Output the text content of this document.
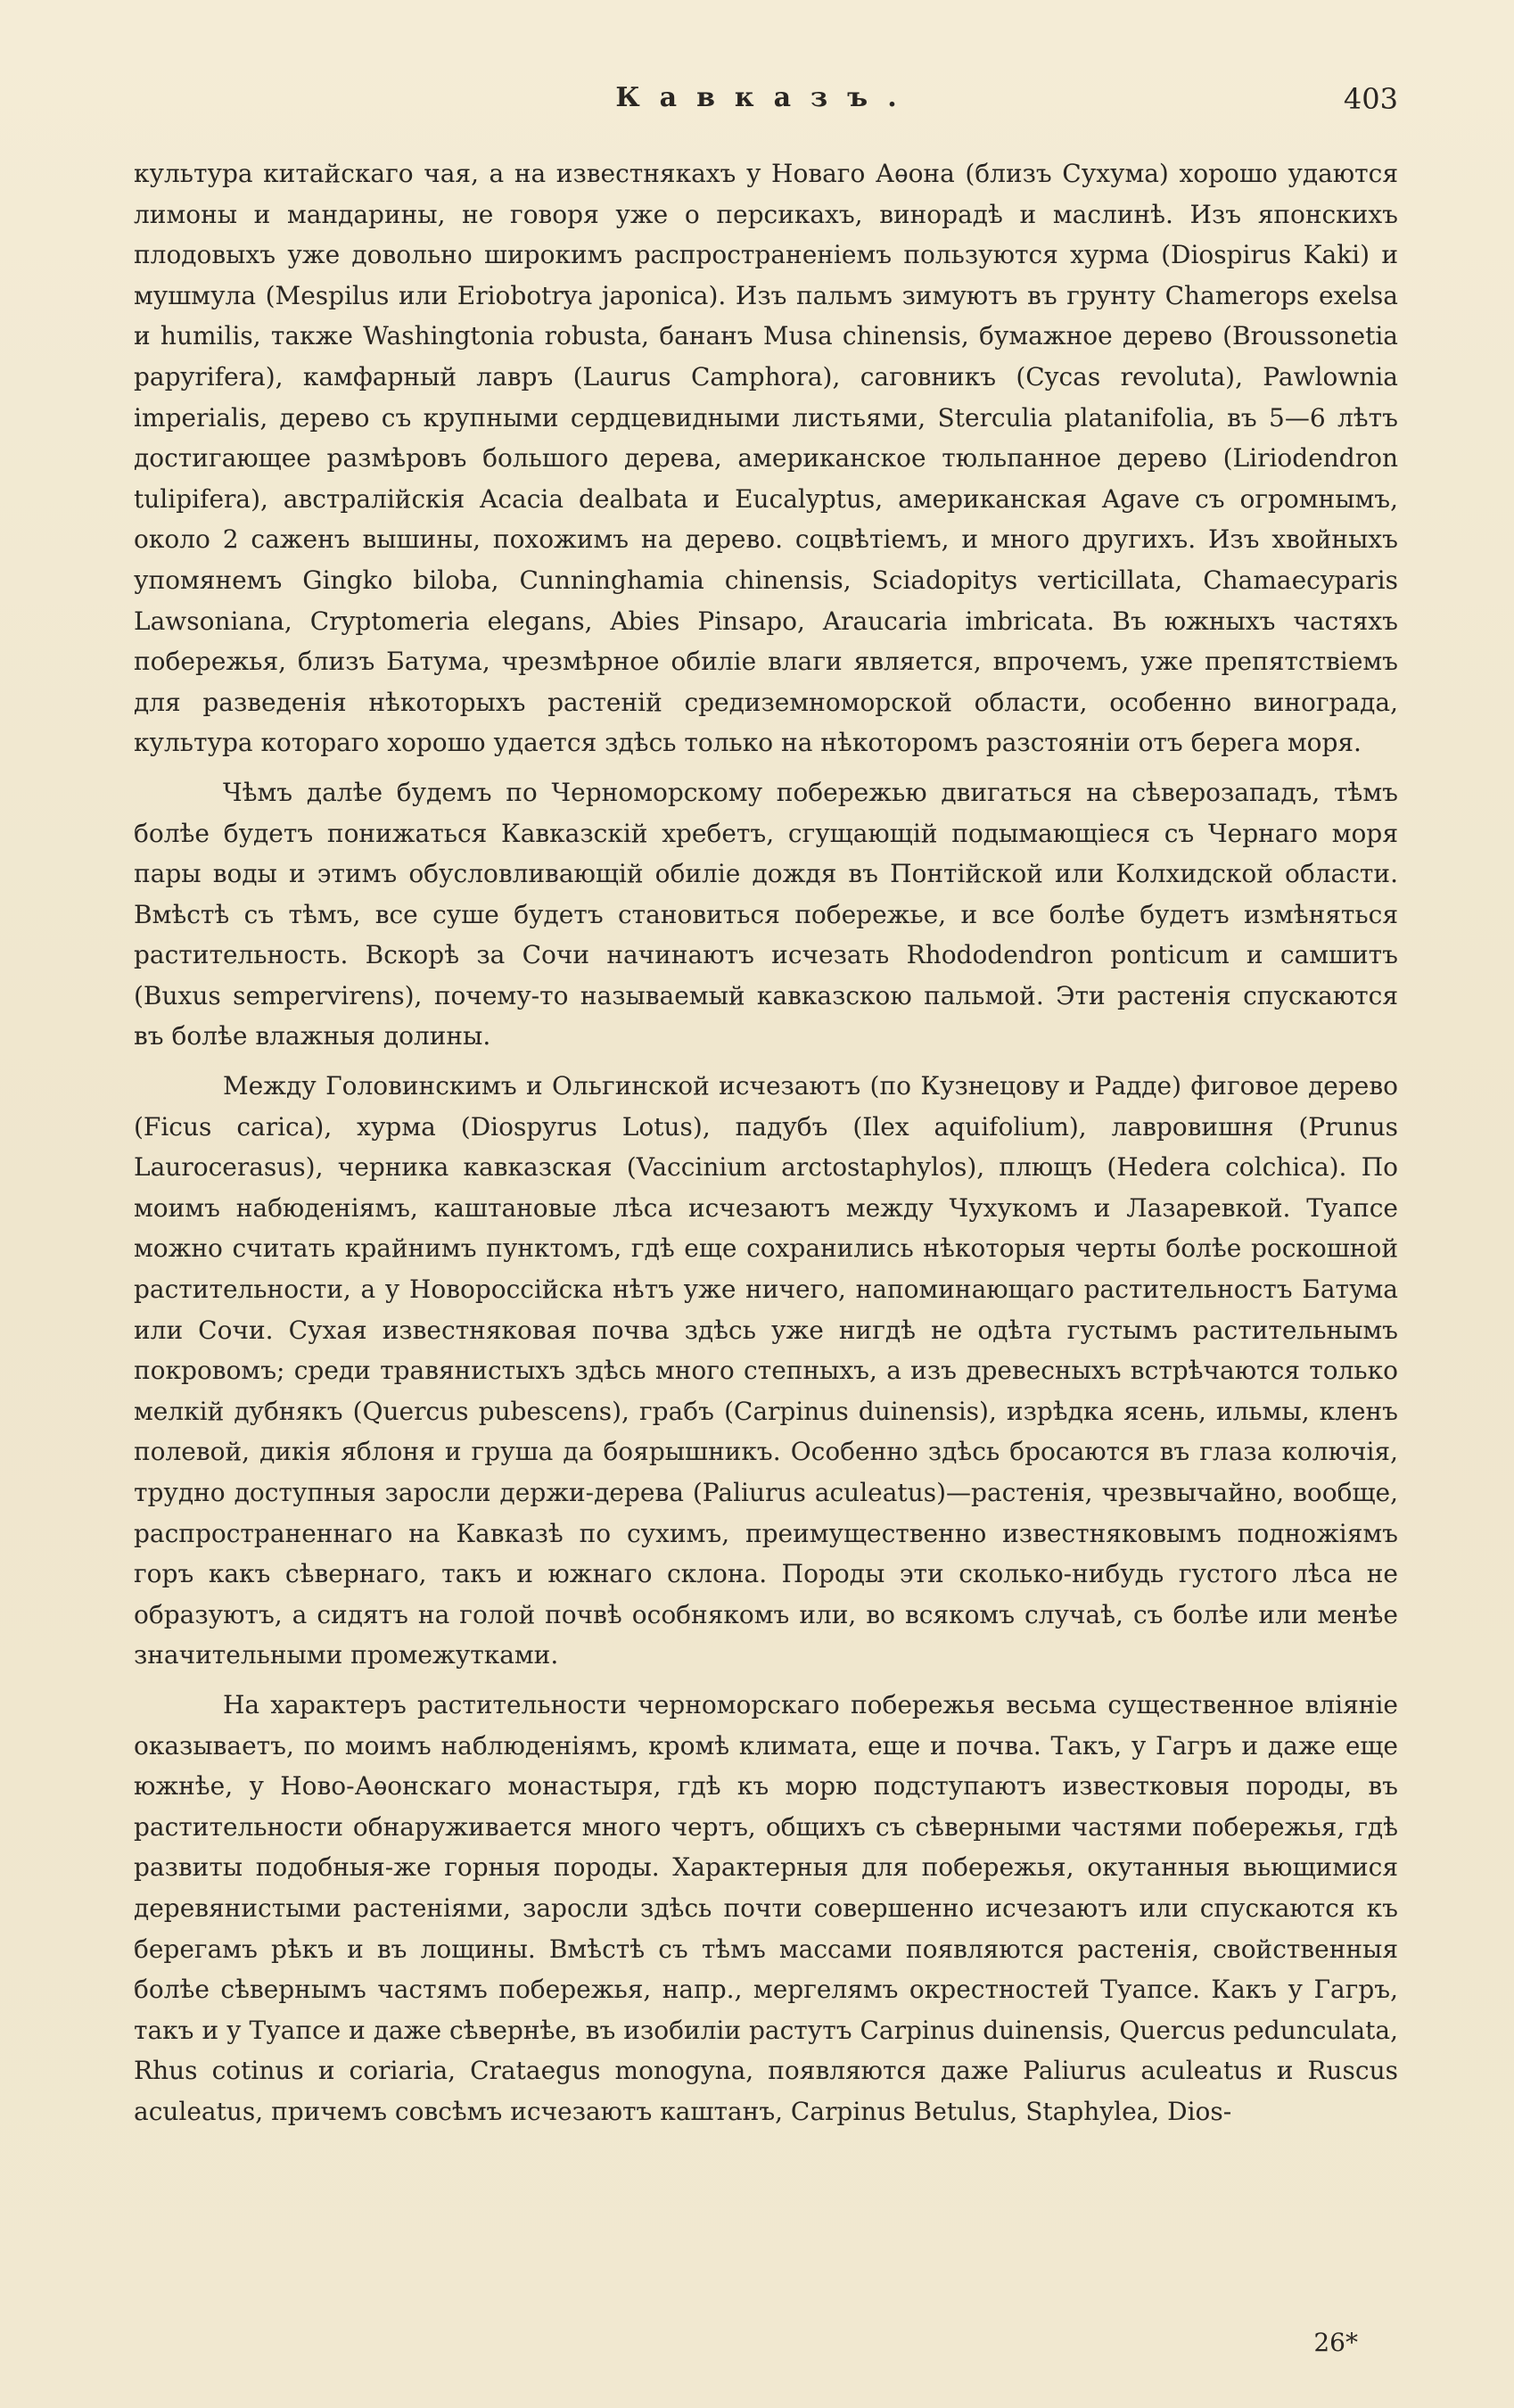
Кавказъ.	403

культура китайскаго чая, а на известнякахъ у Новаго Аѳона (близъ Сухума) хорошо удаются лимоны и мандарины, не говоря уже о персикахъ, винорадѣ и маслинѣ. Изъ японскихъ плодовыхъ уже довольно широкимъ распространеніемъ пользуются хурма (Diospirus Kaki) и мушмула (Mespilus или Eriobotrya japonica). Изъ пальмъ зимуютъ въ грунту Chamerops exelsa и humilis, также Washingtonia robusta, бананъ Musa chinensis, бумажное дерево (Broussonetia papyrifera), камфарный лавръ (Laurus Camphora), саговникъ (Cycas revoluta), Pawlownia imperialis, дерево съ крупными сердцевидными листьями, Sterculia platanifolia, въ 5—6 лѣтъ достигающее размѣровъ большого дерева, американское тюльпанное дерево (Liriodendron tulipifera), австралійскія Acacia dealbata и Eucalyptus, американская Agave съ огромнымъ, около 2 саженъ вышины, похожимъ на дерево. соцвѣтіемъ, и много другихъ. Изъ хвойныхъ упомянемъ Gingko biloba, Cunninghamia chinensis, Sciadopitys verticillata, Chamaecyparis Lawsoniana, Cryptomeria elegans, Abies Pinsapo, Araucaria imbricata. Въ южныхъ частяхъ побережья, близъ Батума, чрезмѣрное обиліе влаги является, впрочемъ, уже препятствіемъ для разведенія нѣкоторыхъ растеній средиземноморской области, особенно винограда, культура котораго хорошо удается здѣсь только на нѣкоторомъ разстояніи отъ берега моря.

Чѣмъ далѣе будемъ по Черноморскому побережью двигаться на сѣверозападъ, тѣмъ болѣе будетъ понижаться Кавказскій хребетъ, сгущающій подымающіеся съ Чернаго моря пары воды и этимъ обусловливающій обиліе дождя въ Понтійской или Колхидской области. Вмѣстѣ съ тѣмъ, все суше будетъ становиться побережье, и все болѣе будетъ измѣняться растительность. Вскорѣ за Сочи начинаютъ исчезать Rhododendron ponticum и самшитъ (Buxus sempervirens), почему-то называемый кавказскою пальмой. Эти растенія спускаются въ болѣе влажныя долины.

Между Головинскимъ и Ольгинской исчезаютъ (по Кузнецову и Радде) фиговое дерево (Ficus carica), хурма (Diospyrus Lotus), падубъ (Ilex aquifolium), лавровишня (Prunus Laurocerasus), черника кавказская (Vaccinium arctostaphylos), плющъ (Hedera colchica). По моимъ набюденіямъ, каштановые лѣса исчезаютъ между Чухукомъ и Лазаревкой. Туапсе можно считать крайнимъ пунктомъ, гдѣ еще сохранились нѣкоторыя черты болѣе роскошной растительности, а у Новороссійска нѣтъ уже ничего, напоминающаго растительностъ Батума или Сочи. Сухая известняковая почва здѣсь уже нигдѣ не одѣта густымъ растительнымъ покровомъ; среди травянистыхъ здѣсь много степныхъ, а изъ древесныхъ встрѣчаются только мелкій дубнякъ (Quercus pubescens), грабъ (Carpinus duinensis), изрѣдка ясень, ильмы, кленъ полевой, дикія яблоня и груша да боярышникъ. Особенно здѣсь бросаются въ глаза колючія, трудно доступныя заросли держи-дерева (Paliurus aculeatus)—растенія, чрезвычайно, вообще, распространеннаго на Кавказѣ по сухимъ, преимущественно известняковымъ подножіямъ горъ какъ сѣвернаго, такъ и южнаго склона. Породы эти сколько-нибудь густого лѣса не образуютъ, а сидятъ на голой почвѣ особнякомъ или, во всякомъ случаѣ, съ болѣе или менѣе значительными промежутками.

На характеръ растительности черноморскаго побережья весьма существенное вліяніе оказываетъ, по моимъ наблюденіямъ, кромѣ климата, еще и почва. Такъ, у Гагръ и даже еще южнѣе, у Ново-Аѳонскаго монастыря, гдѣ къ морю подступаютъ известковыя породы, въ растительности обнаруживается много чертъ, общихъ съ сѣверными частями побережья, гдѣ развиты подобныя-же горныя породы. Характерныя для побережья, окутанныя вьющимися деревянистыми растеніями, заросли здѣсь почти совершенно исчезаютъ или спускаются къ берегамъ рѣкъ и въ лощины. Вмѣстѣ съ тѣмъ массами появляются растенія, свойственныя болѣе сѣвернымъ частямъ побережья, напр., мергелямъ окрестностей Туапсе. Какъ у Гагръ, такъ и у Туапсе и даже сѣвернѣе, въ изобиліи растутъ Carpinus duinensis, Quercus pedunculata, Rhus cotinus и coriaria, Crataegus monogyna, появляются даже Paliurus aculeatus и Ruscus aculeatus, причемъ совсѣмъ исчезаютъ каштанъ, Carpinus Betulus, Staphylea, Dios-

26*
